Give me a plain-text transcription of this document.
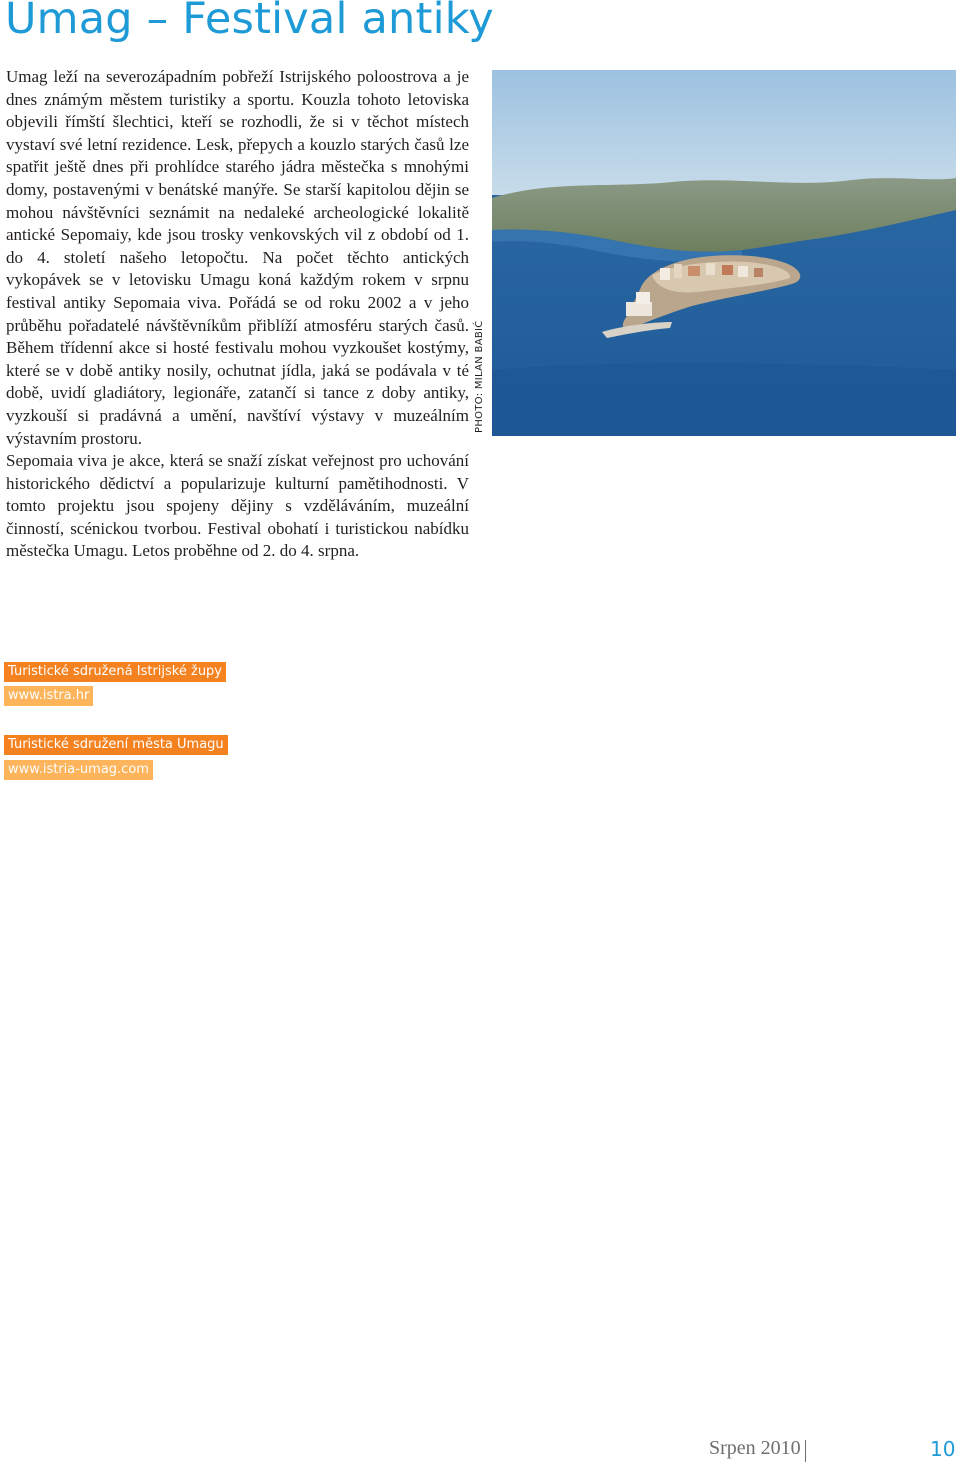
Umag – Festival antiky

Umag leží na severozápadním pobřeží Istrijského poloostrova a je dnes známým městem turistiky a sportu. Kouzla tohoto letoviska objevili římští šlechtici, kteří se rozhodli, že si v těchot místech vystaví své letní rezidence. Lesk, přepych a kouzlo starých časů lze spatřit ještě dnes při prohlídce starého jádra městečka s mnohými domy, postavenými v benátské manýře. Se starší kapitolou dějin se mohou návštěvníci seznámit na nedaleké archeologické lokalitě antické Sepomaiy, kde jsou trosky venkovských vil z období od 1. do 4. století našeho letopočtu. Na počet těchto antických vykopávek se v letovisku Umagu koná každým rokem v srpnu festival antiky Sepomaia viva. Pořádá se od roku 2002 a v jeho průběhu pořadatelé návštěvníkům přiblíží atmosféru starých časů. Během třídenní akce si hosté festivalu mohou vyzkoušet kostýmy, které se v době antiky nosily, ochutnat jídla, jaká se podávala v té době, uvidí gladiátory, legionáře, zatančí si tance z doby antiky, vyzkouší si pradávná a umění, navštíví výstavy v muzeálním výstavním prostoru.

Sepomaia viva je akce, která se snaží získat veřejnost pro uchování historického dědictví a popularizuje kulturní pamětihodnosti. V tomto projektu jsou spojeny dějiny s vzděláváním, muzeální činností, scénickou tvorbou. Festival obohatí i turistickou nabídku městečka Umagu. Letos proběhne od 2. do 4. srpna.

PHOTO: MILAN BABIĆ
Turistické sdružená Istrijské župy
www.istra.hr
Turistické sdružení města Umagu
www.istria-umag.com
Srpen 2010	10
